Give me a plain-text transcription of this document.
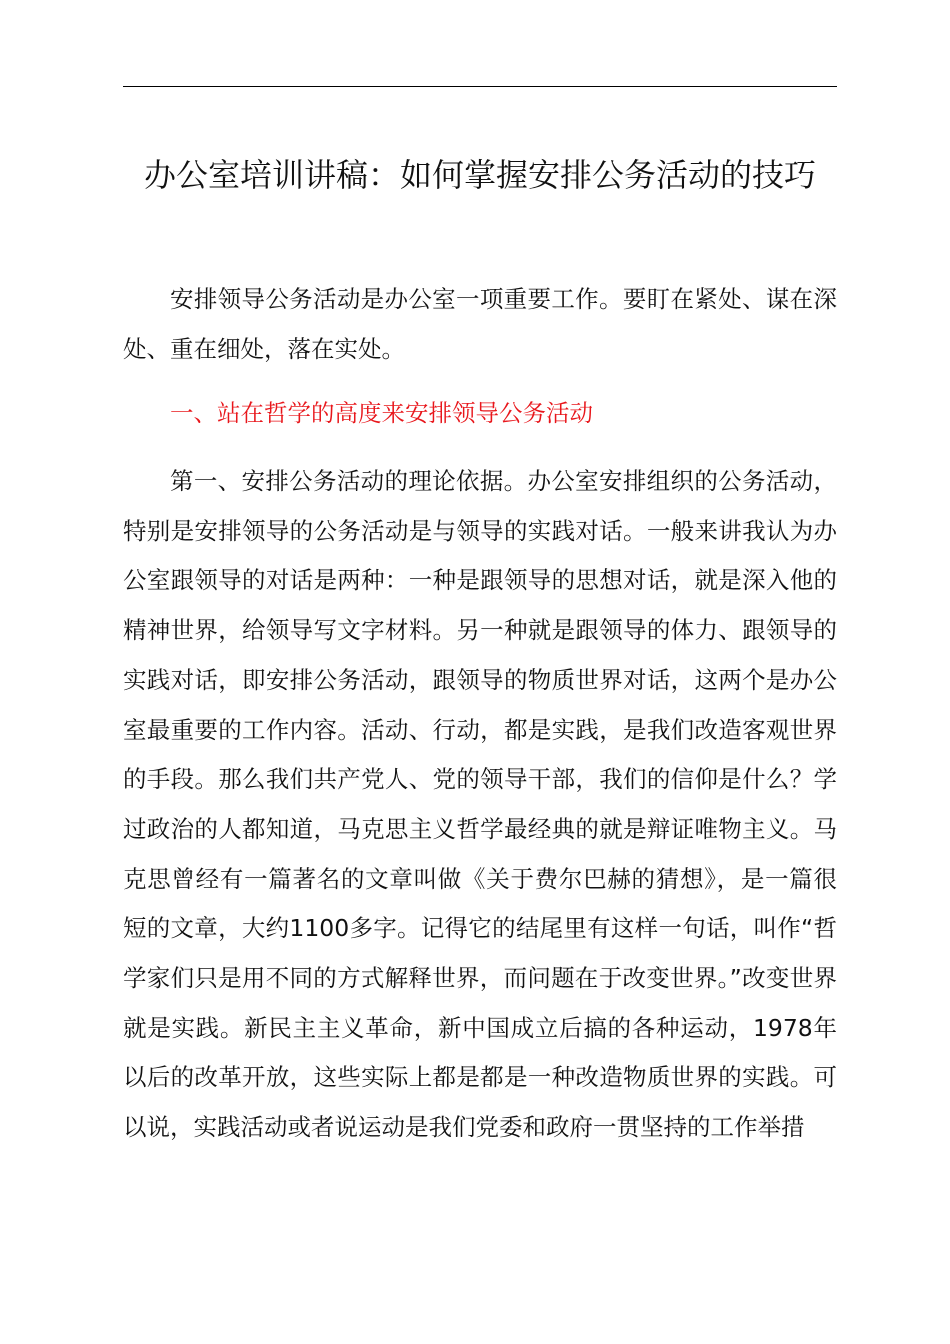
办公室培训讲稿：如何掌握安排公务活动的技巧

安排领导公务活动是办公室一项重要工作。要盯在紧处、谋在深处、重在细处，落在实处。

一、站在哲学的高度来安排领导公务活动

第一、安排公务活动的理论依据。办公室安排组织的公务活动，特别是安排领导的公务活动是与领导的实践对话。一般来讲我认为办公室跟领导的对话是两种：一种是跟领导的思想对话，就是深入他的精神世界，给领导写文字材料。另一种就是跟领导的体力、跟领导的实践对话，即安排公务活动，跟领导的物质世界对话，这两个是办公室最重要的工作内容。活动、行动，都是实践，是我们改造客观世界的手段。那么我们共产党人、党的领导干部，我们的信仰是什么？学过政治的人都知道，马克思主义哲学最经典的就是辩证唯物主义。马克思曾经有一篇著名的文章叫做《关于费尔巴赫的猜想》，是一篇很短的文章，大约1100多字。记得它的结尾里有这样一句话，叫作“哲学家们只是用不同的方式解释世界，而问题在于改变世界。”改变世界就是实践。新民主主义革命，新中国成立后搞的各种运动，1978年以后的改革开放，这些实际上都是都是一种改造物质世界的实践。可以说，实践活动或者说运动是我们党委和政府一贯坚持的工作举措
